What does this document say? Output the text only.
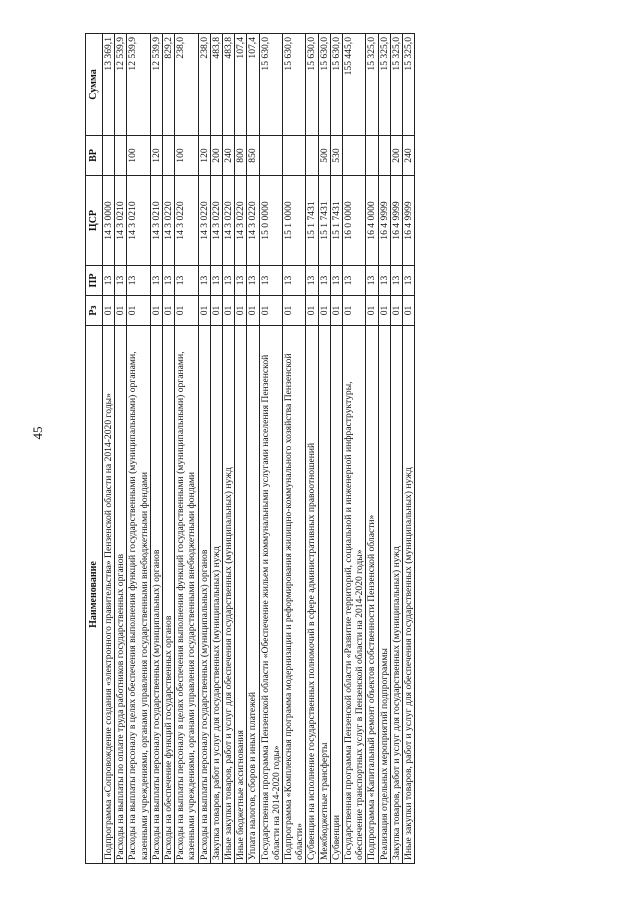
45
Наименование	Рз	ПР	ЦСР	ВР	Сумма
Подпрограмма «Сопровождение создания «электронного правительства» Пензенской области на 2014-2020 годы»	01	13	14 3 0000		13 369,1
Расходы на выплаты по оплате труда работников государственных органов	01	13	14 3 0210		12 539,9
Расходы на выплаты персоналу в целях обеспечения выполнения функций государственными (муниципальными) органами, казенными учреждениями, органами управления государственными внебюджетными фондами	01	13	14 3 0210	100	12 539,9
Расходы на выплаты персоналу государственных (муниципальных) органов	01	13	14 3 0210	120	12 539,9
Расходы на обеспечение функций государственных органов	01	13	14 3 0220		829,2
Расходы на выплаты персоналу в целях обеспечения выполнения функций государственными (муниципальными) органами, казенными учреждениями, органами управления государственными внебюджетными фондами	01	13	14 3 0220	100	238,0
Расходы на выплаты персоналу государственных (муниципальных) органов	01	13	14 3 0220	120	238,0
Закупка товаров, работ и услуг для государственных (муниципальных) нужд	01	13	14 3 0220	200	483,8
Иные закупки товаров, работ и услуг для обеспечения государственных (муниципальных) нужд	01	13	14 3 0220	240	483,8
Иные бюджетные ассигнования	01	13	14 3 0220	800	107,4
Уплата налогов, сборов и иных платежей	01	13	14 3 0220	850	107,4
Государственная программа Пензенской области «Обеспечение жильем и коммунальными услугами населения Пензенской области на 2014-2020 годы»	01	13	15 0 0000		15 630,0
Подпрограмма «Комплексная программа модернизации и реформирования жилищно-коммунального хозяйства Пензенской области»	01	13	15 1 0000		15 630,0
Субвенции на исполнение государственных полномочий в сфере административных правоотношений	01	13	15 1 7431		15 630,0
Межбюджетные трансферты	01	13	15 1 7431	500	15 630,0
Субвенции	01	13	15 1 7431	530	15 630,0
Государственная программа Пензенской области «Развитие территорий, социальной и инженерной инфраструктуры, обеспечение транспортных услуг в Пензенской области на 2014-2020 годы»	01	13	16 0 0000		155 445,0
Подпрограмма «Капитальный ремонт объектов собственности Пензенской области»	01	13	16 4 0000		15 325,0
Реализация отдельных мероприятий подпрограммы	01	13	16 4 9999		15 325,0
Закупка товаров, работ и услуг для государственных (муниципальных) нужд	01	13	16 4 9999	200	15 325,0
Иные закупки товаров, работ и услуг для обеспечения государственных (муниципальных) нужд	01	13	16 4 9999	240	15 325,0
